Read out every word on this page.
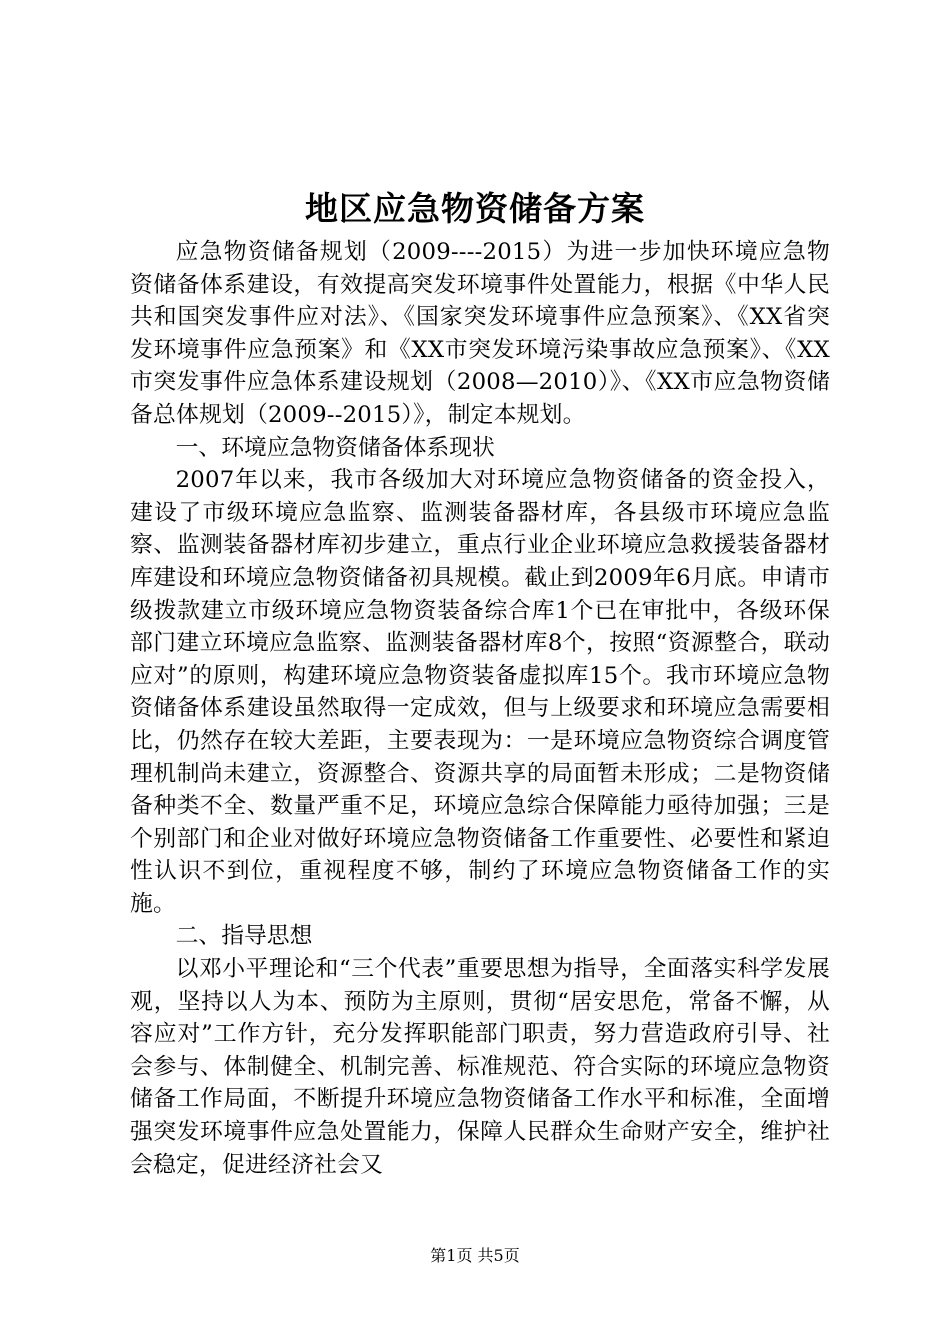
地区应急物资储备方案

应急物资储备规划（2009----2015）为进一步加快环境应急物资储备体系建设，有效提高突发环境事件处置能力，根据《中华人民共和国突发事件应对法》、《国家突发环境事件应急预案》、《XX省突发环境事件应急预案》和《XX市突发环境污染事故应急预案》、《XX市突发事件应急体系建设规划（2008—2010）》、《XX市应急物资储备总体规划（2009--2015）》，制定本规划。

一、环境应急物资储备体系现状

2007年以来，我市各级加大对环境应急物资储备的资金投入，建设了市级环境应急监察、监测装备器材库，各县级市环境应急监察、监测装备器材库初步建立，重点行业企业环境应急救援装备器材库建设和环境应急物资储备初具规模。截止到2009年6月底。申请市级拨款建立市级环境应急物资装备综合库1个已在审批中，各级环保部门建立环境应急监察、监测装备器材库8个，按照“资源整合，联动应对”的原则，构建环境应急物资装备虚拟库15个。我市环境应急物资储备体系建设虽然取得一定成效，但与上级要求和环境应急需要相比，仍然存在较大差距，主要表现为：一是环境应急物资综合调度管理机制尚未建立，资源整合、资源共享的局面暂未形成；二是物资储备种类不全、数量严重不足，环境应急综合保障能力亟待加强；三是个别部门和企业对做好环境应急物资储备工作重要性、必要性和紧迫性认识不到位，重视程度不够，制约了环境应急物资储备工作的实施。

二、指导思想

以邓小平理论和“三个代表”重要思想为指导，全面落实科学发展观，坚持以人为本、预防为主原则，贯彻“居安思危，常备不懈，从容应对”工作方针，充分发挥职能部门职责，努力营造政府引导、社会参与、体制健全、机制完善、标准规范、符合实际的环境应急物资储备工作局面，不断提升环境应急物资储备工作水平和标准，全面增强突发环境事件应急处置能力，保障人民群众生命财产安全，维护社会稳定，促进经济社会又

第1页 共5页
